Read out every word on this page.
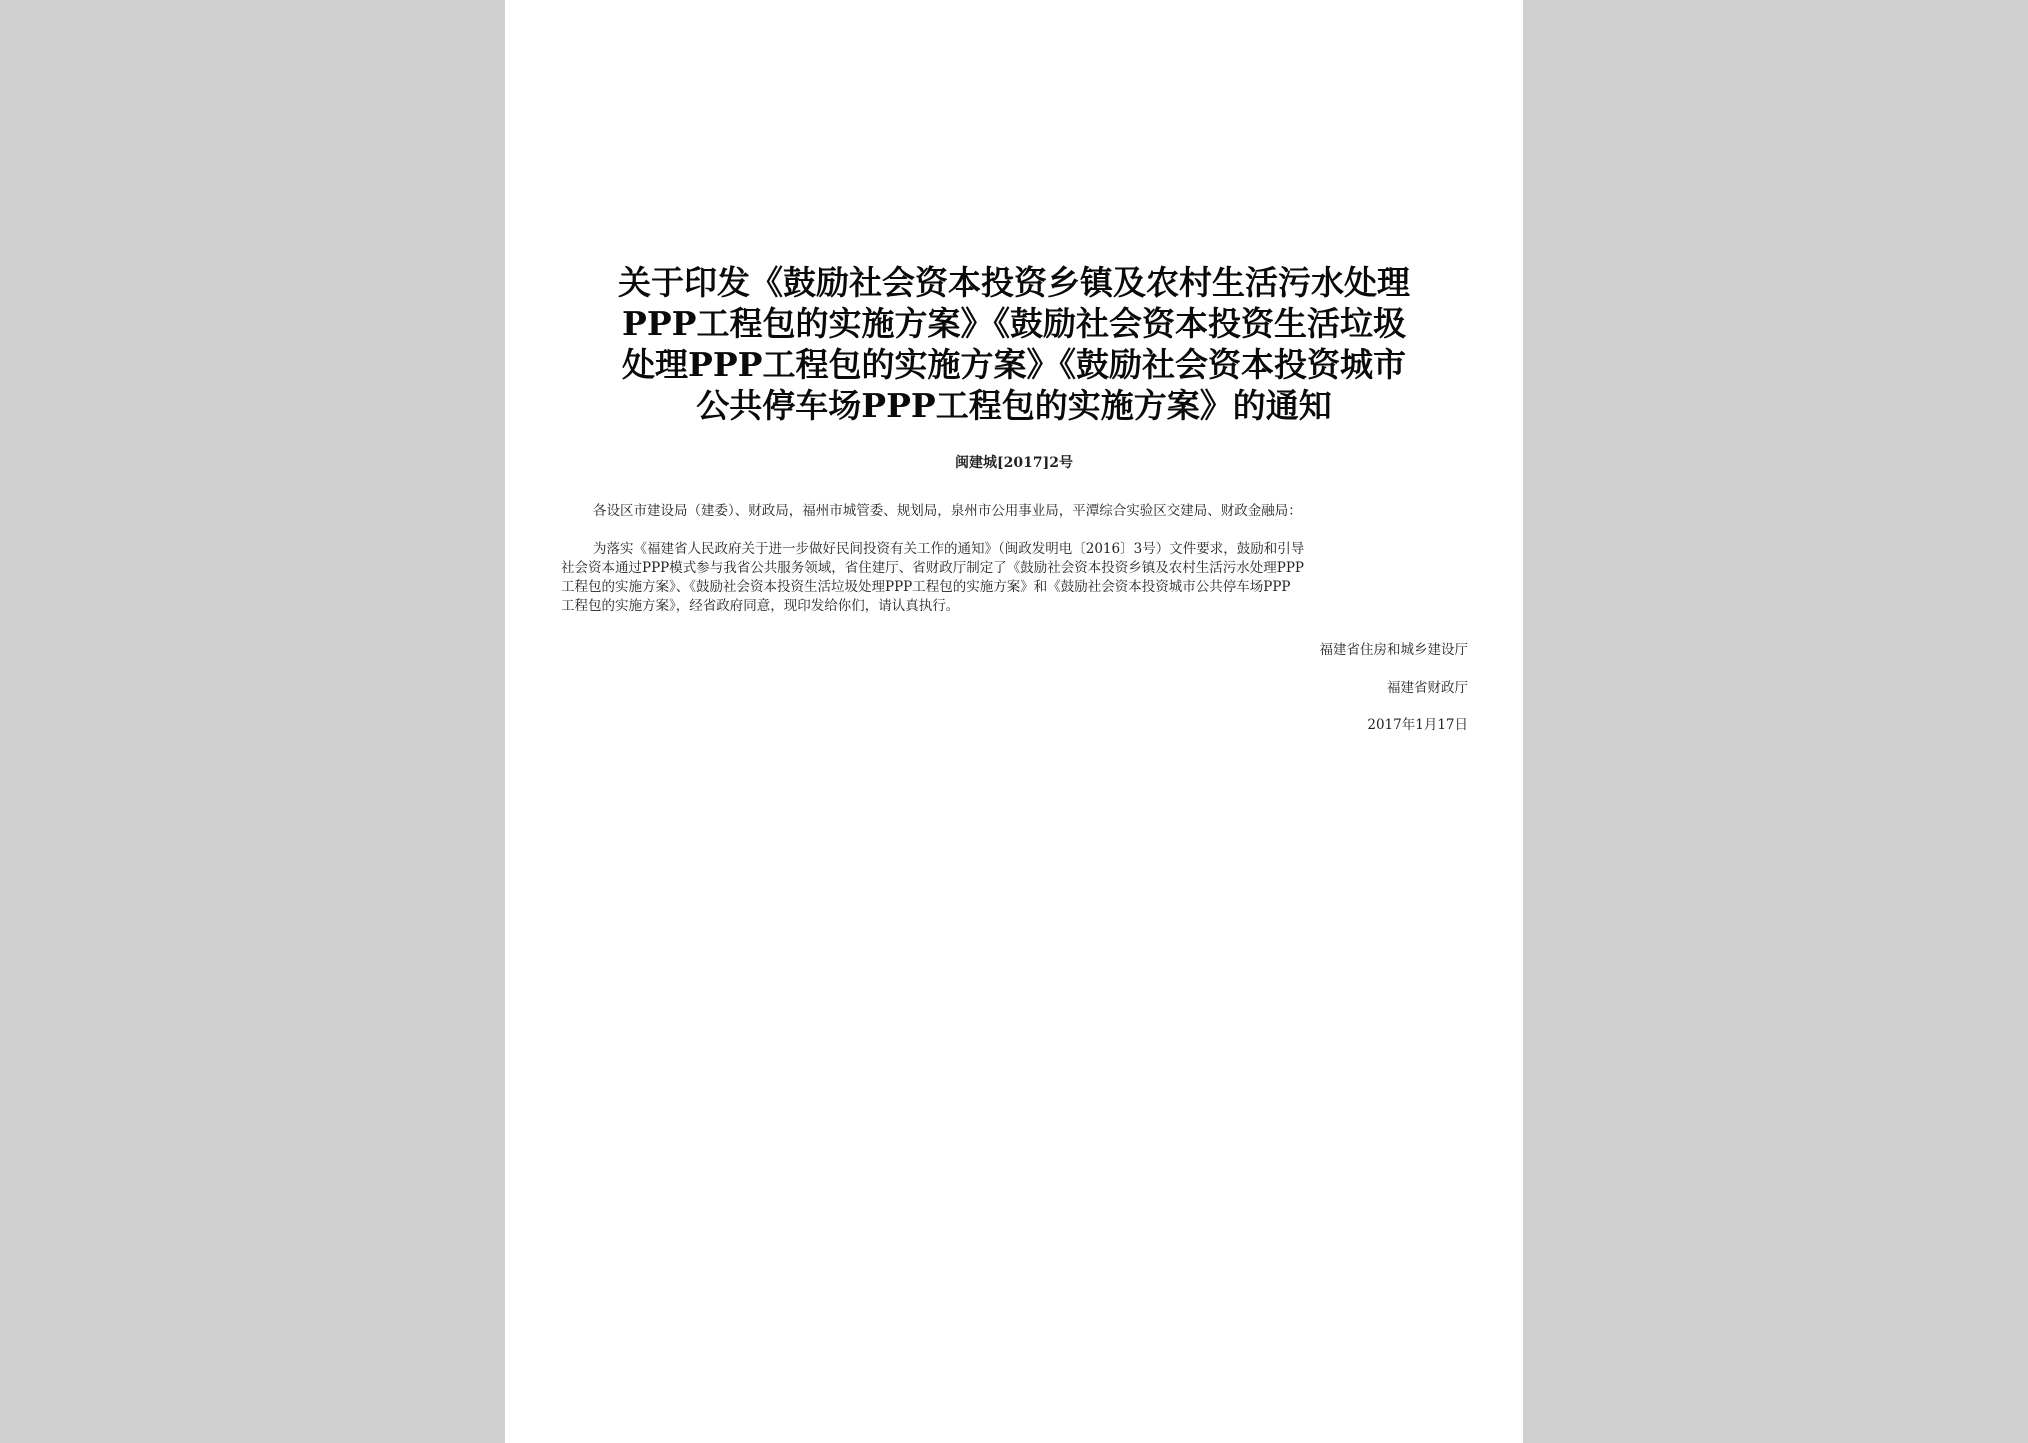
关于印发《鼓励社会资本投资乡镇及农村生活污水处理
PPP工程包的实施方案》《鼓励社会资本投资生活垃圾
处理PPP工程包的实施方案》《鼓励社会资本投资城市
公共停车场PPP工程包的实施方案》的通知
闽建城[2017]2号
各设区市建设局（建委）、财政局，福州市城管委、规划局，泉州市公用事业局，平潭综合实验区交建局、财政金融局：
为落实《福建省人民政府关于进一步做好民间投资有关工作的通知》（闽政发明电〔2016〕3号）文件要求，鼓励和引导
社会资本通过PPP模式参与我省公共服务领域，省住建厅、省财政厅制定了《鼓励社会资本投资乡镇及农村生活污水处理PPP
工程包的实施方案》、《鼓励社会资本投资生活垃圾处理PPP工程包的实施方案》和《鼓励社会资本投资城市公共停车场PPP
工程包的实施方案》，经省政府同意，现印发给你们，请认真执行。
福建省住房和城乡建设厅
福建省财政厅
2017年1月17日
